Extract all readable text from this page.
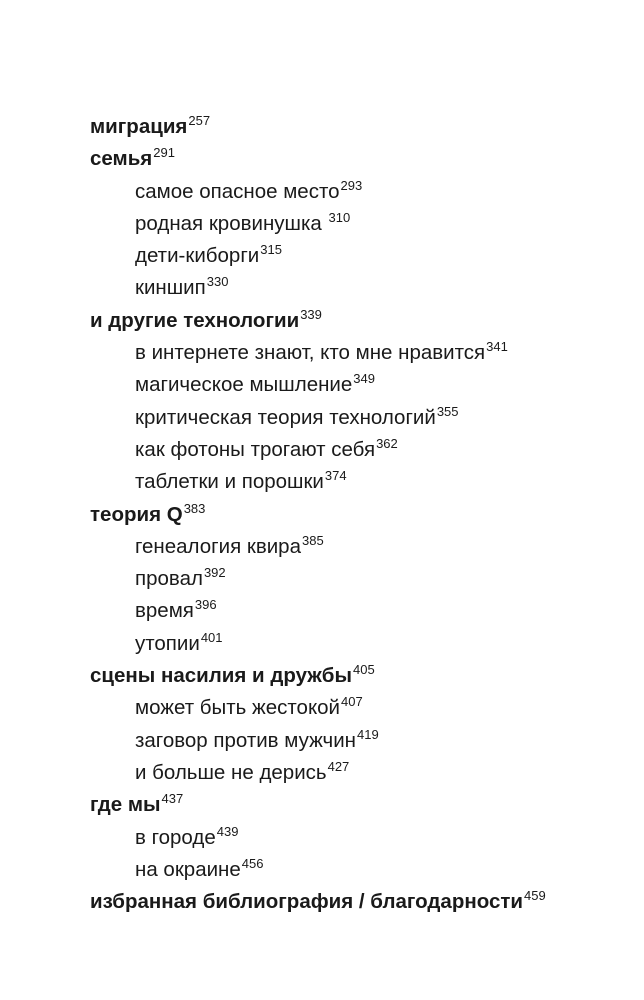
миграция$^{257}$
семья$^{291}$
самое опасное место$^{293}$
родная кровинушка $^{310}$
дети-киборги$^{315}$
киншип$^{330}$
и другие технологии$^{339}$
в интернете знают, кто мне нравится$^{341}$
магическое мышление$^{349}$
критическая теория технологий$^{355}$
как фотоны трогают себя$^{362}$
таблетки и порошки$^{374}$
теория $Q^{383}$
генеалогия квира$^{385}$
провал$^{392}$
время$^{396}$
утопии$^{401}$
сцены насилия и дружбы$^{405}$
может быть жестокой$^{407}$
заговор против мужчин$^{419}$
и больше не дерись$^{427}$
где $мы^{437}$
в городе$^{439}$
на окраине$^{456}$
избранная библиография / благодарности$^{459}$
